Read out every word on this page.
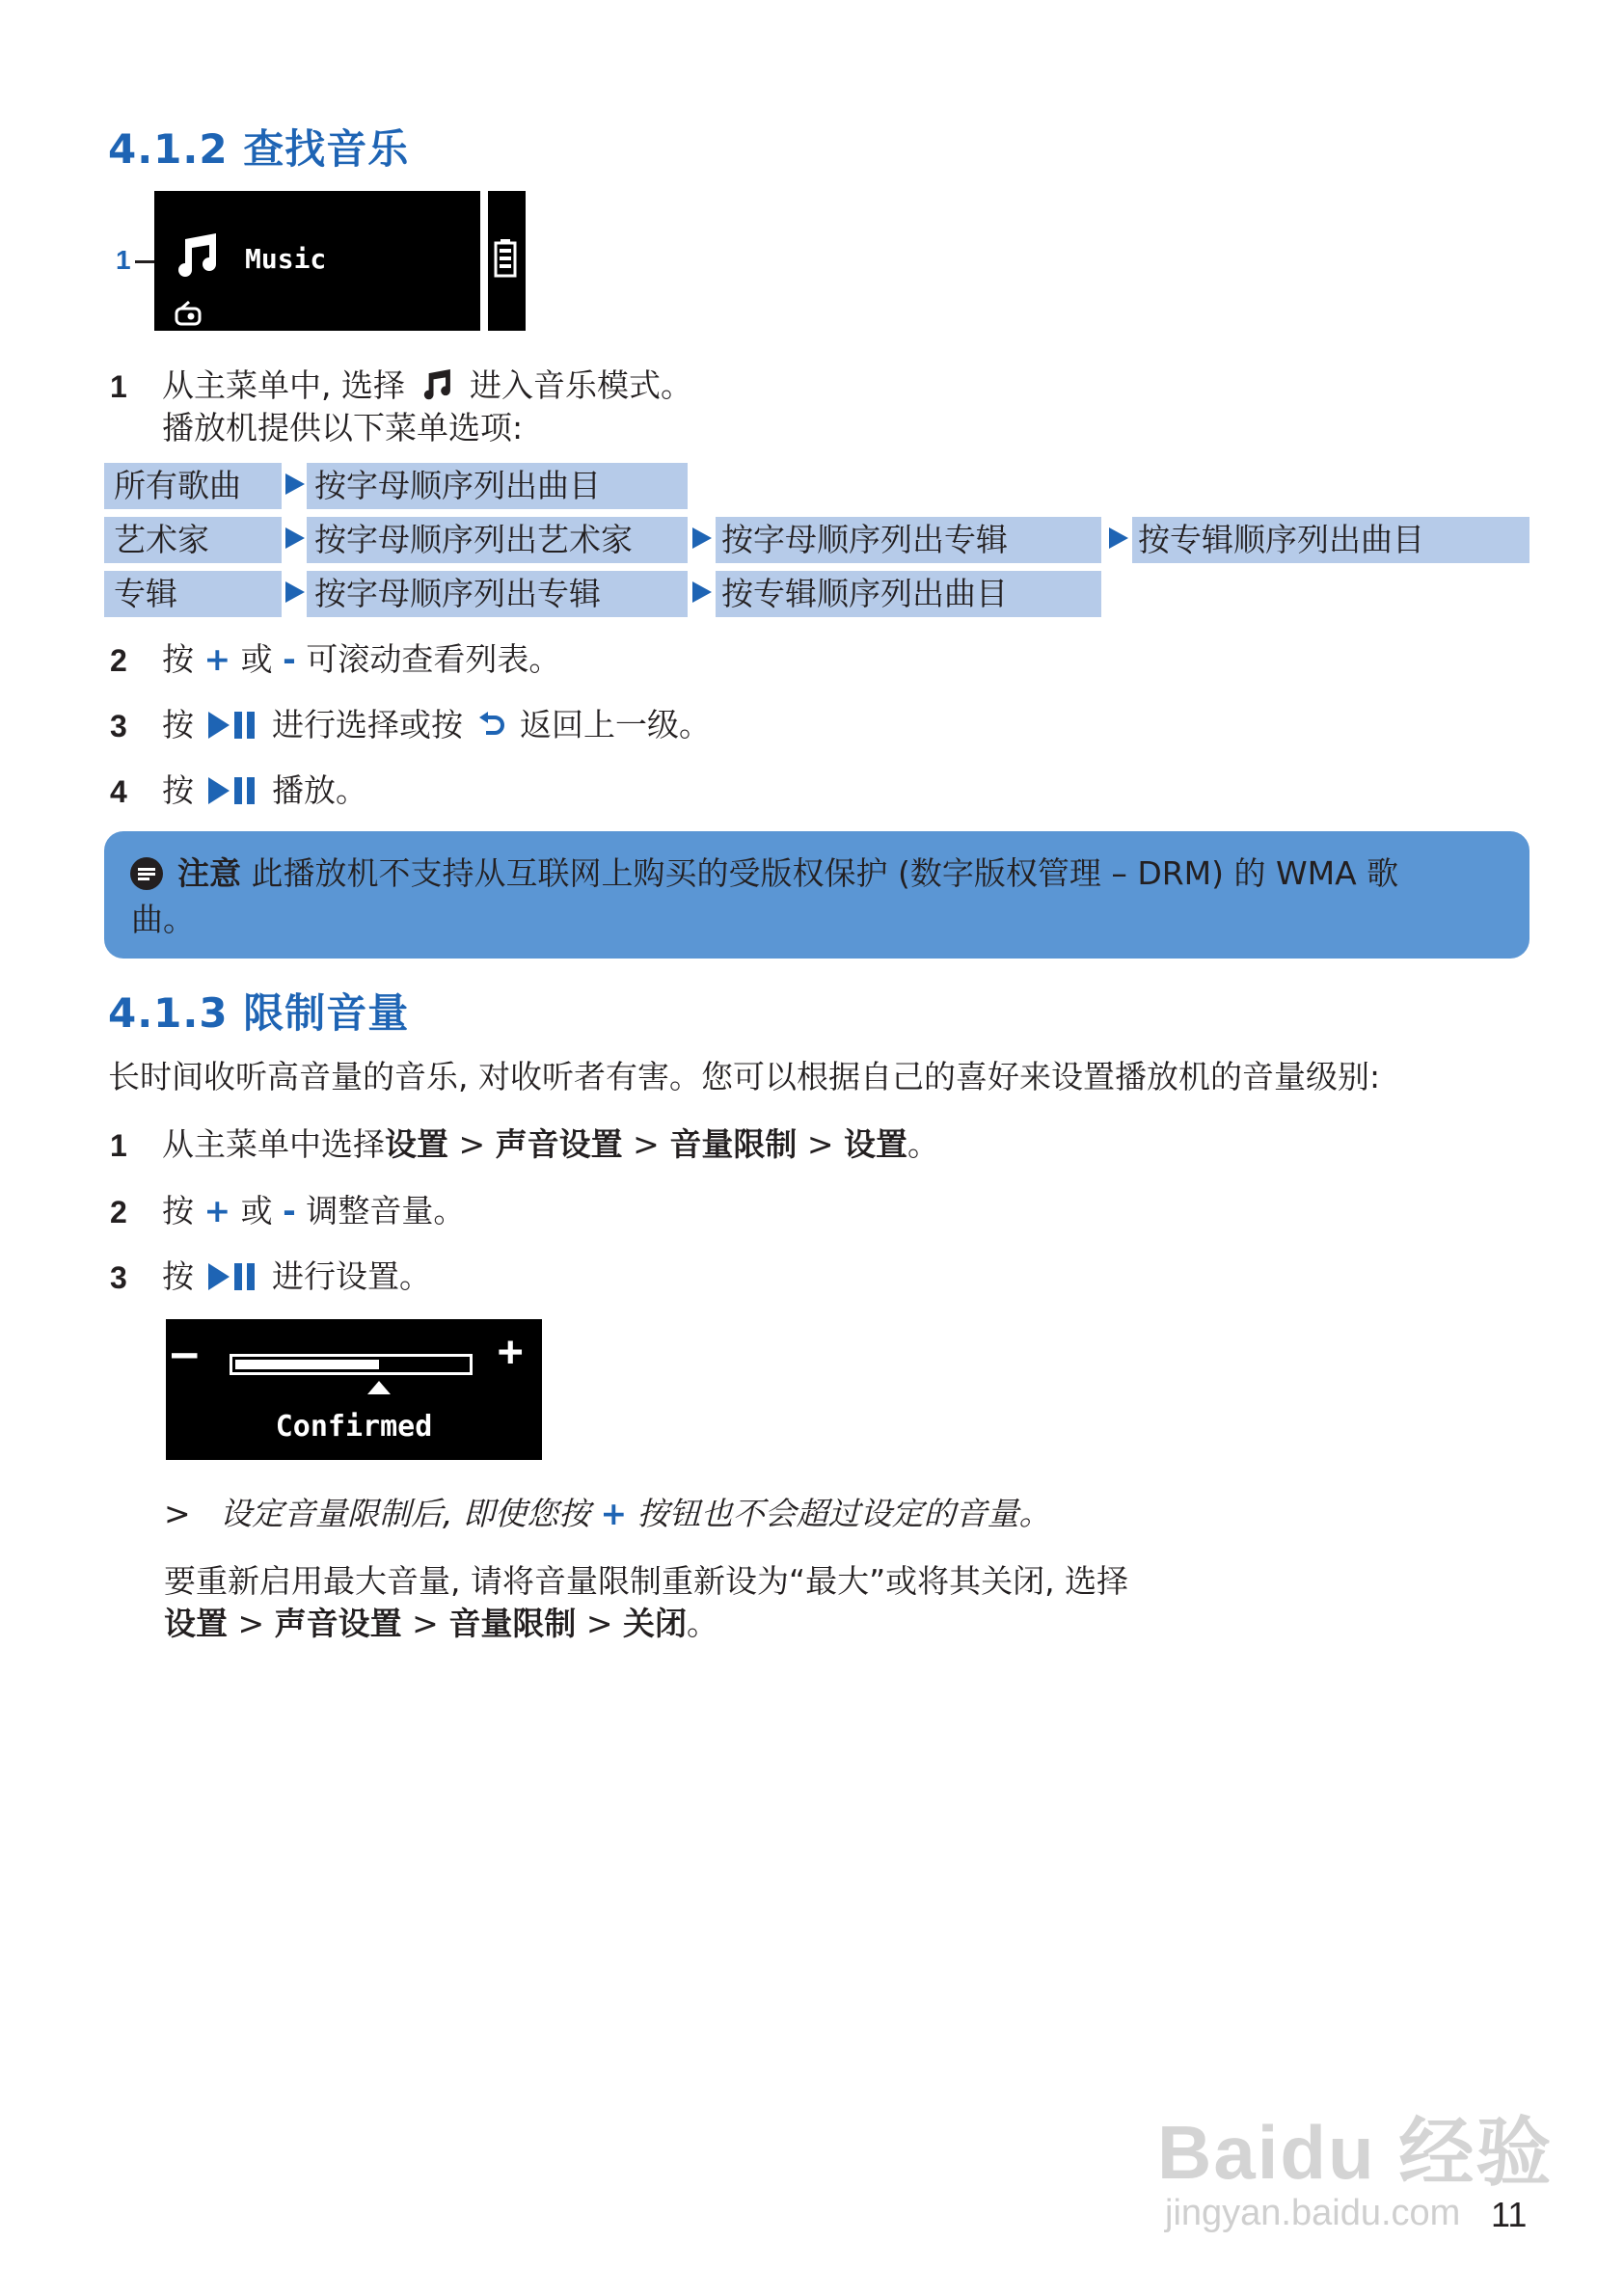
4.1.2 查找音乐
1	Music
1 从主菜单中, 选择 进入音乐模式。
播放机提供以下菜单选项:
所有歌曲	按字母顺序列出曲目
艺术家	按字母顺序列出艺术家	按字母顺序列出专辑	按专辑顺序列出曲目
专辑	按字母顺序列出专辑	按专辑顺序列出曲目
2 按 + 或 - 可滚动查看列表。
3 按 进行选择或按 返回上一级。
4 按 播放。
注意 此播放机不支持从互联网上购买的受版权保护 (数字版权管理 – DRM) 的 WMA 歌
曲。
4.1.3 限制音量
长时间收听高音量的音乐, 对收听者有害。您可以根据自己的喜好来设置播放机的音量级别:
1 从主菜单中选择设置 > 声音设置 > 音量限制 > 设置。
2 按 + 或 - 调整音量。
3 按 进行设置。
–	+
Confirmed
> 设定音量限制后, 即使您按 + 按钮也不会超过设定的音量。
要重新启用最大音量, 请将音量限制重新设为“最大”或将其关闭, 选择
设置 > 声音设置 > 音量限制 > 关闭。
Baidu 经验
jingyan.baidu.com 11
